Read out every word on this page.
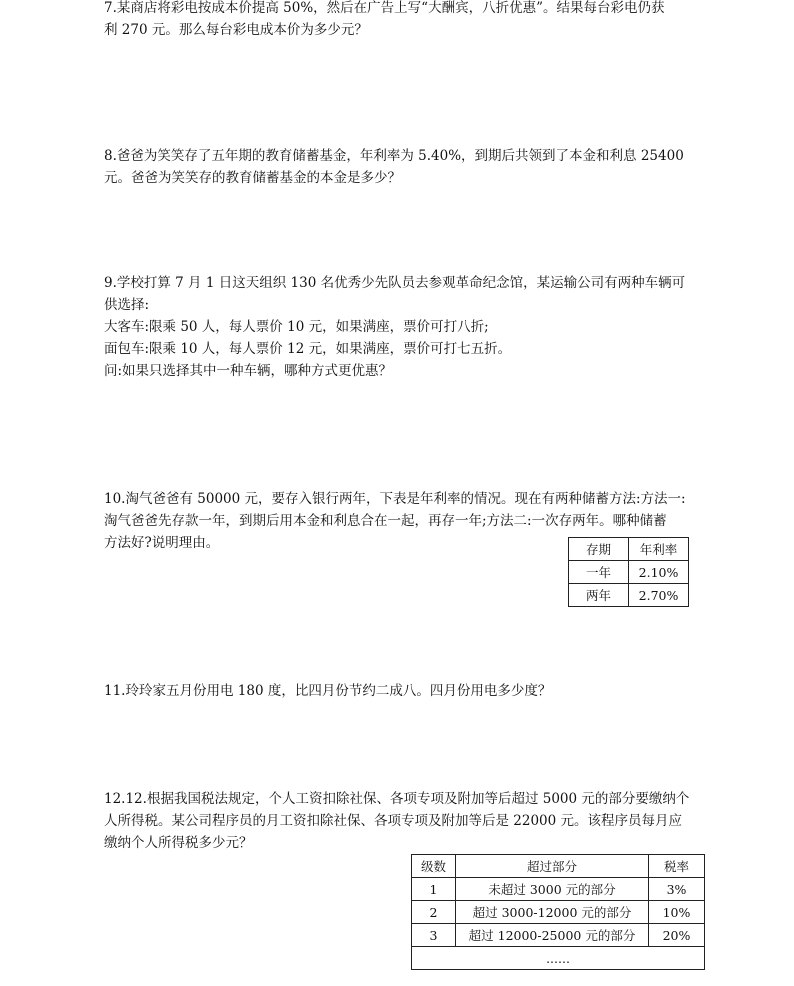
7.某商店将彩电按成本价提高 50%，然后在广告上写“大酬宾，八折优惠”。结果每台彩电仍获

利 270 元。那么每台彩电成本价为多少元？

8.爸爸为笑笑存了五年期的教育储蓄基金，年利率为 5.40%，到期后共领到了本金和利息 25400

元。爸爸为笑笑存的教育储蓄基金的本金是多少？

9.学校打算 7 月 1 日这天组织 130 名优秀少先队员去参观革命纪念馆，某运输公司有两种车辆可

供选择:

大客车:限乘 50 人，每人票价 10 元，如果满座，票价可打八折;

面包车:限乘 10 人，每人票价 12 元，如果满座，票价可打七五折。

问:如果只选择其中一种车辆，哪种方式更优惠？

10.淘气爸爸有 50000 元，要存入银行两年，下表是年利率的情况。现在有两种储蓄方法:方法一:

淘气爸爸先存款一年，到期后用本金和利息合在一起，再存一年;方法二:一次存两年。哪种储蓄

方法好?说明理由。	存期	年利率
一年	2.10%
两年	2.70%

11.玲玲家五月份用电 180 度，比四月份节约二成八。四月份用电多少度？

12.12.根据我国税法规定，个人工资扣除社保、各项专项及附加等后超过 5000 元的部分要缴纳个

人所得税。某公司程序员的月工资扣除社保、各项专项及附加等后是 22000 元。该程序员每月应

缴纳个人所得税多少元？

级数	超过部分	税率
1	未超过 3000 元的部分	3%
2	超过 3000-12000 元的部分	10%
3	超过 12000-25000 元的部分	20%
......		
